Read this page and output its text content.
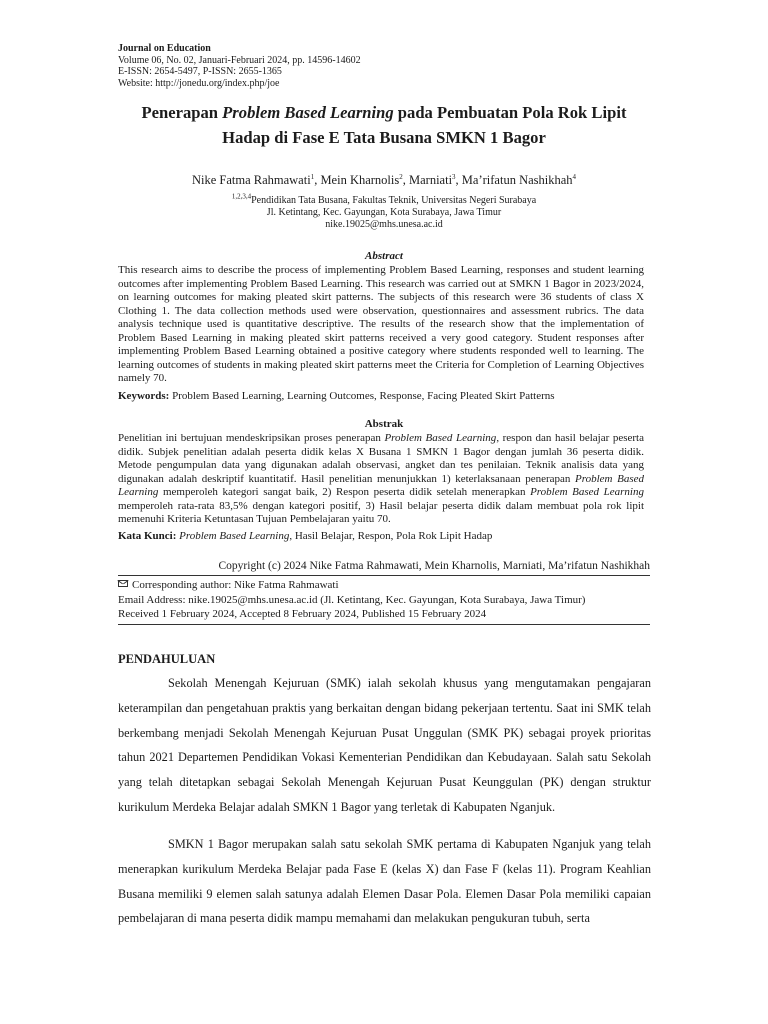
Journal on Education
Volume 06, No. 02, Januari-Februari 2024, pp. 14596-14602
E-ISSN: 2654-5497, P-ISSN: 2655-1365
Website: http://jonedu.org/index.php/joe
Penerapan Problem Based Learning pada Pembuatan Pola Rok Lipit
Hadap di Fase E Tata Busana SMKN 1 Bagor
Nike Fatma Rahmawati$^1$, Mein Kharnolis$^2$, Marniati$^3$, Ma’rifatun Nashikhah$^4$
$^{1,2,3,4}$Pendidikan Tata Busana, Fakultas Teknik, Universitas Negeri Surabaya
Jl. Ketintang, Kec. Gayungan, Kota Surabaya, Jawa Timur
nike.19025@mhs.unesa.ac.id
Abstract

This research aims to describe the process of implementing Problem Based Learning, responses and student learning outcomes after implementing Problem Based Learning. This research was carried out at SMKN 1 Bagor in 2023/2024, on learning outcomes for making pleated skirt patterns. The subjects of this research were 36 students of class X Clothing 1. The data collection methods used were observation, questionnaires and assessment rubrics. The data analysis technique used is quantitative descriptive. The results of the research show that the implementation of Problem Based Learning in making pleated skirt patterns received a very good category. Student responses after implementing Problem Based Learning obtained a positive category where students responded well to learning. The learning outcomes of students in making pleated skirt patterns meet the Criteria for Completion of Learning Objectives namely 70.

Keywords: Problem Based Learning, Learning Outcomes, Response, Facing Pleated Skirt Patterns
Abstrak

Penelitian ini bertujuan mendeskripsikan proses penerapan Problem Based Learning, respon dan hasil belajar peserta didik. Subjek penelitian adalah peserta didik kelas X Busana 1 SMKN 1 Bagor dengan jumlah 36 peserta didik. Metode pengumpulan data yang digunakan adalah observasi, angket dan tes penilaian. Teknik analisis data yang digunakan adalah deskriptif kuantitatif. Hasil penelitian menunjukkan 1) keterlaksanaan penerapan Problem Based Learning memperoleh kategori sangat baik, 2) Respon peserta didik setelah menerapkan Problem Based Learning memperoleh rata-rata 83,5% dengan kategori positif, 3) Hasil belajar peserta didik dalam membuat pola rok lipit memenuhi Kriteria Ketuntasan Tujuan Pembelajaran yaitu 70.

Kata Kunci: Problem Based Learning, Hasil Belajar, Respon, Pola Rok Lipit Hadap
Copyright (c) 2024 Nike Fatma Rahmawati, Mein Kharnolis, Marniati, Ma’rifatun Nashikhah
Corresponding author: Nike Fatma Rahmawati
Email Address: nike.19025@mhs.unesa.ac.id (Jl. Ketintang, Kec. Gayungan, Kota Surabaya, Jawa Timur)
Received 1 February 2024, Accepted 8 February 2024, Published 15 February 2024
PENDAHULUAN

Sekolah Menengah Kejuruan (SMK) ialah sekolah khusus yang mengutamakan pengajaran keterampilan dan pengetahuan praktis yang berkaitan dengan bidang pekerjaan tertentu. Saat ini SMK telah berkembang menjadi Sekolah Menengah Kejuruan Pusat Unggulan (SMK PK) sebagai proyek prioritas tahun 2021 Departemen Pendidikan Vokasi Kementerian Pendidikan dan Kebudayaan. Salah satu Sekolah yang telah ditetapkan sebagai Sekolah Menengah Kejuruan Pusat Keunggulan (PK) dengan struktur kurikulum Merdeka Belajar adalah SMKN 1 Bagor yang terletak di Kabupaten Nganjuk.

SMKN 1 Bagor merupakan salah satu sekolah SMK pertama di Kabupaten Nganjuk yang telah menerapkan kurikulum Merdeka Belajar pada Fase E (kelas X) dan Fase F (kelas 11). Program Keahlian Busana memiliki 9 elemen salah satunya adalah Elemen Dasar Pola. Elemen Dasar Pola memiliki capaian pembelajaran di mana peserta didik mampu memahami dan melakukan pengukuran tubuh, serta
